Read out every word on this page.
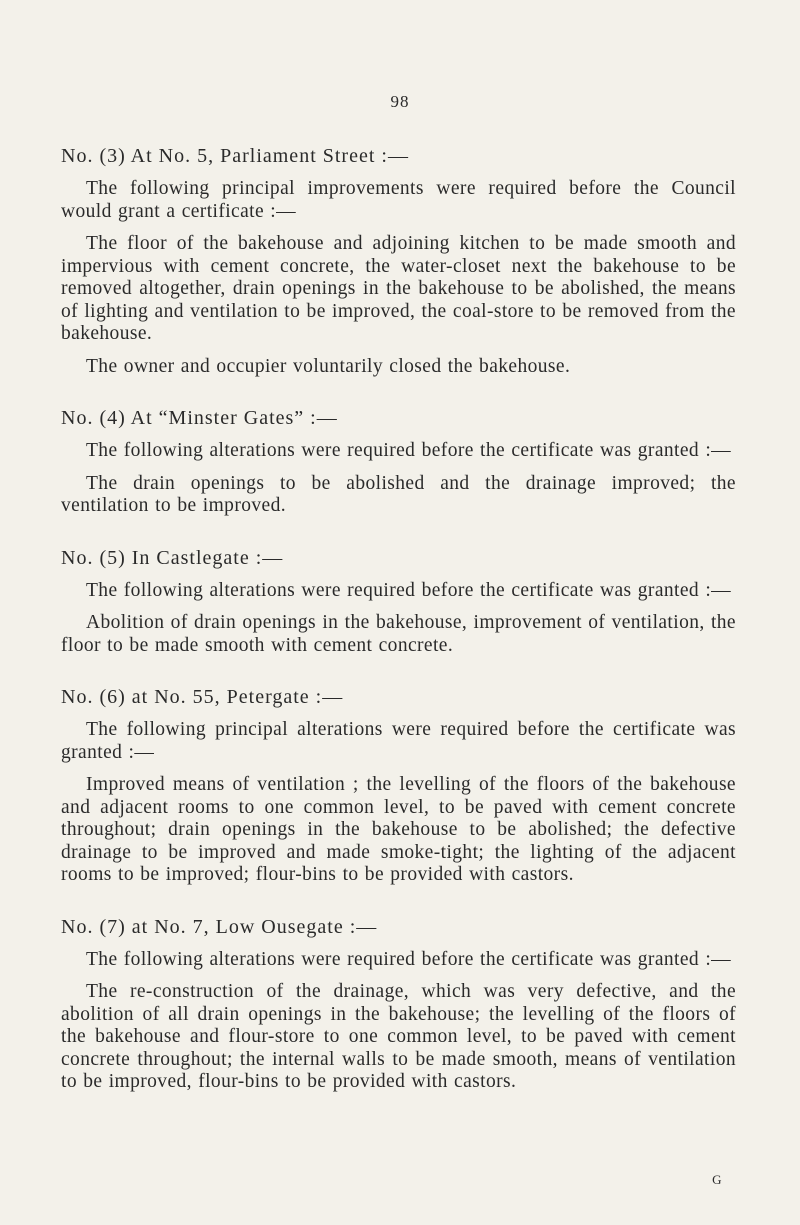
98

No. (3) At No. 5, Parliament Street :—

The following principal improvements were required before the Council would grant a certificate :—

The floor of the bakehouse and adjoining kitchen to be made smooth and impervious with cement concrete, the water-closet next the bakehouse to be removed altogether, drain openings in the bakehouse to be abolished, the means of lighting and ventilation to be improved, the coal-store to be removed from the bakehouse.

The owner and occupier voluntarily closed the bakehouse.

No. (4) At “Minster Gates” :—

The following alterations were required before the certificate was granted :—

The drain openings to be abolished and the drainage improved; the ventilation to be improved.

No. (5) In Castlegate :—

The following alterations were required before the certificate was granted :—

Abolition of drain openings in the bakehouse, improvement of ventilation, the floor to be made smooth with cement concrete.

No. (6) at No. 55, Petergate :—

The following principal alterations were required before the certificate was granted :—

Improved means of ventilation ; the levelling of the floors of the bakehouse and adjacent rooms to one common level, to be paved with cement concrete throughout; drain openings in the bakehouse to be abolished; the defective drainage to be improved and made smoke-tight; the lighting of the adjacent rooms to be improved; flour-bins to be provided with castors.

No. (7) at No. 7, Low Ousegate :—

The following alterations were required before the certificate was granted :—

The re-construction of the drainage, which was very defective, and the abolition of all drain openings in the bakehouse; the levelling of the floors of the bakehouse and flour-store to one common level, to be paved with cement concrete throughout; the internal walls to be made smooth, means of ventilation to be improved, flour-bins to be provided with castors.

G
